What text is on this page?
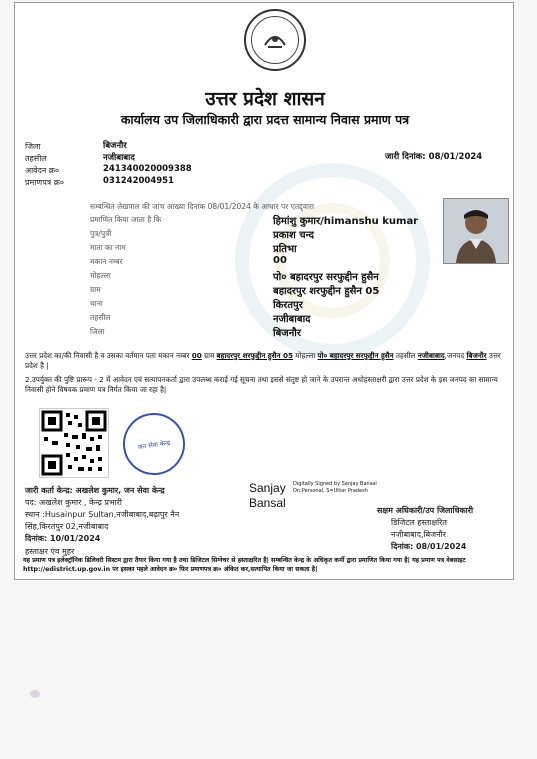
उत्तर प्रदेश शासन
कार्यालय उप जिलाधिकारी द्वारा प्रदत्त सामान्य निवास प्रमाण पत्र
जिला	बिजनौर
तहसील	नजीबाबाद
आवेदन क्र०	241340020009388
प्रमाणपत्र क्र०	031242004951
जारी दिनांक: 08/01/2024
सम्बन्धित लेखपाल की जांच आख्या दिनांक 08/01/2024 के आधार पर एतद्द्वारा
प्रमाणित किया जाता है कि	हिमांशु कुमार/himanshu kumar
पुत्र/पुत्री	प्रकाश चन्द
माता का नाम	प्रतिभा
मकान नम्बर	00
मोहल्ला	पो० बहादरपुर सरफुद्दीन हुसैन
ग्राम	बहादरपुर शरफुद्दीन हुसैन 05
थाना	किरतपुर
तहसील	नजीबाबाद
जिला	बिजनौर
उत्तर प्रदेश का/की निवासी है व उसका वर्तमान पता मकान नम्बर 00 ग्राम बहादरपुर शरफुद्दीन हुसैन 05 मोहल्ला पो० बहादरपुर सरफुद्दीन हुसैन तहसील नजीबाबाद,जनपद बिजनौर उत्तर प्रदेश है |
2.उपर्युक्त की पुष्टि प्रारूप - 2 में आवेदन एवं सत्यापनकर्ता द्वारा उपलब्ध कराई गई सूचना तथा इससे संतुष्ट हो जाने के उपरान्त अधोहस्ताक्षरी द्वारा उत्तर प्रदेश के इस जनपद का सामान्य निवासी होने विषयक प्रमाण पत्र निर्गत किया जा रहा है|
जन सेवा केन्द्र
जारी कर्ता केन्द्र: अखलेश कुमार, जन सेवा केन्द्र
पद: अखलेश कुमार , केन्द्र प्रभारी
स्थान :Husainpur Sultan,नजीबाबाद,बढ़ापुर नैन
सिंह,किरतपुर 02,नजीबाबाद
दिनांक: 10/01/2024
हस्ताक्षर एंव मुहर
Sanjay
Bansal
Digitally Signed by Sanjay Bansal
On:Personal, S=Uttar Pradesh
सक्षम अधिकारी/उप जिलाधिकारी
डिजिटल हस्ताक्षरित
नजीबाबाद,बिजनौर
दिनांक: 08/01/2024
यह प्रमाण पत्र इलेक्ट्रॉनिक डिलिवरी सिस्टम द्वारा तैयार किया गया है तथा डिजिटल सिग्नेचर से हस्ताक्षरित है| सम्बन्धित केन्द्र के अधिकृत कर्मी द्वारा प्रमाणित किया गया है| यह प्रमाण पत्र वेबसाइट http://edistrict.up.gov.in पर इसका पहले आवेदन क्र० फिर प्रमाणपत्र क्र० अंकित कर,सत्यापित किया जा सकता है|
